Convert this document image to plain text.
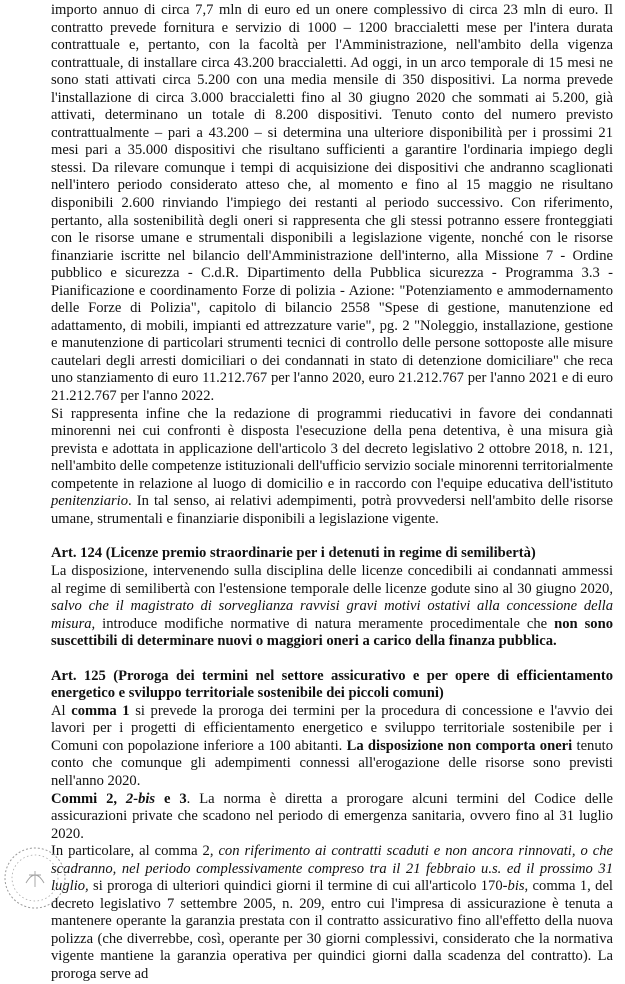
importo annuo di circa 7,7 mln di euro ed un onere complessivo di circa 23 mln di euro. Il contratto prevede fornitura e servizio di 1000 – 1200 braccialetti mese per l'intera durata contrattuale e, pertanto, con la facoltà per l'Amministrazione, nell'ambito della vigenza contrattuale, di installare circa 43.200 braccialetti. Ad oggi, in un arco temporale di 15 mesi ne sono stati attivati circa 5.200 con una media mensile di 350 dispositivi. La norma prevede l'installazione di circa 3.000 braccialetti fino al 30 giugno 2020 che sommati ai 5.200, già attivati, determinano un totale di 8.200 dispositivi. Tenuto conto del numero previsto contrattualmente – pari a 43.200 – si determina una ulteriore disponibilità per i prossimi 21 mesi pari a 35.000 dispositivi che risultano sufficienti a garantire l'ordinaria impiego degli stessi. Da rilevare comunque i tempi di acquisizione dei dispositivi che andranno scaglionati nell'intero periodo considerato atteso che, al momento e fino al 15 maggio ne risultano disponibili 2.600 rinviando l'impiego dei restanti al periodo successivo. Con riferimento, pertanto, alla sostenibilità degli oneri si rappresenta che gli stessi potranno essere fronteggiati con le risorse umane e strumentali disponibili a legislazione vigente, nonché con le risorse finanziarie iscritte nel bilancio dell'Amministrazione dell'interno, alla Missione 7 - Ordine pubblico e sicurezza - C.d.R. Dipartimento della Pubblica sicurezza - Programma 3.3 - Pianificazione e coordinamento Forze di polizia - Azione: "Potenziamento e ammodernamento delle Forze di Polizia", capitolo di bilancio 2558 "Spese di gestione, manutenzione ed adattamento, di mobili, impianti ed attrezzature varie", pg. 2 "Noleggio, installazione, gestione e manutenzione di particolari strumenti tecnici di controllo delle persone sottoposte alle misure cautelari degli arresti domiciliari o dei condannati in stato di detenzione domiciliare" che reca uno stanziamento di euro 11.212.767 per l'anno 2020, euro 21.212.767 per l'anno 2021 e di euro 21.212.767 per l'anno 2022.

Si rappresenta infine che la redazione di programmi rieducativi in favore dei condannati minorenni nei cui confronti è disposta l'esecuzione della pena detentiva, è una misura già prevista e adottata in applicazione dell'articolo 3 del decreto legislativo 2 ottobre 2018, n. 121, nell'ambito delle competenze istituzionali dell'ufficio servizio sociale minorenni territorialmente competente in relazione al luogo di domicilio e in raccordo con l'equipe educativa dell'istituto penitenziario. In tal senso, ai relativi adempimenti, potrà provvedersi nell'ambito delle risorse umane, strumentali e finanziarie disponibili a legislazione vigente.

Art. 124 (Licenze premio straordinarie per i detenuti in regime di semilibertà)

La disposizione, intervenendo sulla disciplina delle licenze concedibili ai condannati ammessi al regime di semilibertà con l'estensione temporale delle licenze godute sino al 30 giugno 2020, salvo che il magistrato di sorveglianza ravvisi gravi motivi ostativi alla concessione della misura, introduce modifiche normative di natura meramente procedimentale che non sono suscettibili di determinare nuovi o maggiori oneri a carico della finanza pubblica.

Art. 125 (Proroga dei termini nel settore assicurativo e per opere di efficientamento energetico e sviluppo territoriale sostenibile dei piccoli comuni)

Al comma 1 si prevede la proroga dei termini per la procedura di concessione e l'avvio dei lavori per i progetti di efficientamento energetico e sviluppo territoriale sostenibile per i Comuni con popolazione inferiore a 100 abitanti. La disposizione non comporta oneri tenuto conto che comunque gli adempimenti connessi all'erogazione delle risorse sono previsti nell'anno 2020.

Commi 2, 2-bis e 3. La norma è diretta a prorogare alcuni termini del Codice delle assicurazioni private che scadono nel periodo di emergenza sanitaria, ovvero fino al 31 luglio 2020.

In particolare, al comma 2, con riferimento ai contratti scaduti e non ancora rinnovati, o che scadranno, nel periodo complessivamente compreso tra il 21 febbraio u.s. ed il prossimo 31 luglio, si proroga di ulteriori quindici giorni il termine di cui all'articolo 170-bis, comma 1, del decreto legislativo 7 settembre 2005, n. 209, entro cui l'impresa di assicurazione è tenuta a mantenere operante la garanzia prestata con il contratto assicurativo fino all'effetto della nuova polizza (che diverrebbe, così, operante per 30 giorni complessivi, considerato che la normativa vigente mantiene la garanzia operativa per quindici giorni dalla scadenza del contratto). La proroga serve ad
